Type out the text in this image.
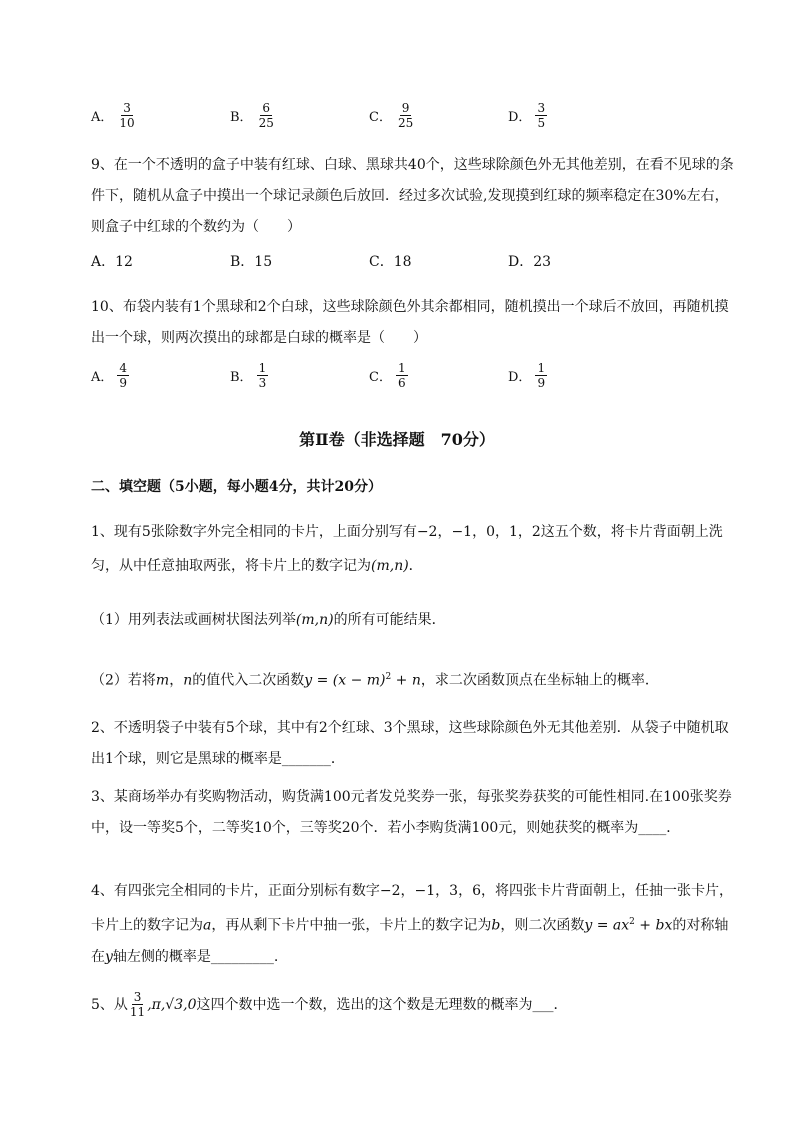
A． $\frac{3}{10}$	B． $\frac{6}{25}$	C． $\frac{9}{25}$	D． $\frac{3}{5}$
9、在一个不透明的盒子中装有红球、白球、黑球共40个，这些球除颜色外无其他差别，在看不见球的条件下，随机从盒子中摸出一个球记录颜色后放回．经过多次试验,发现摸到红球的频率稳定在30%左右，则盒子中红球的个数约为（　　）
A．12	B．15	C．18	D．23
10、布袋内装有1个黑球和2个白球，这些球除颜色外其余都相同，随机摸出一个球后不放回，再随机摸出一个球，则两次摸出的球都是白球的概率是（　　）
A． $\frac{4}{9}$	B． $\frac{1}{3}$	C． $\frac{1}{6}$	D． $\frac{1}{9}$
第Ⅱ卷（非选择题　70分）
二、填空题（5小题，每小题4分，共计20分）
1、现有5张除数字外完全相同的卡片，上面分别写有−2，−1，0，1，2这五个数，将卡片背面朝上洗匀，从中任意抽取两张，将卡片上的数字记为(m,n)．
（1）用列表法或画树状图法列举(m,n)的所有可能结果．
（2）若将m，n的值代入二次函数$y = (x - m)^2 + n$，求二次函数顶点在坐标轴上的概率．
2、不透明袋子中装有5个球，其中有2个红球、3个黑球，这些球除颜色外无其他差别．从袋子中随机取出1个球，则它是黑球的概率是_______．
3、某商场举办有奖购物活动，购货满100元者发兑奖券一张，每张奖券获奖的可能性相同.在100张奖券中，设一等奖5个，二等奖10个，三等奖20个．若小李购货满100元，则她获奖的概率为____．
4、有四张完全相同的卡片，正面分别标有数字−2，−1，3，6，将四张卡片背面朝上，任抽一张卡片，卡片上的数字记为a，再从剩下卡片中抽一张，卡片上的数字记为b，则二次函数$y = ax^2$ + bx的对称轴在y轴左侧的概率是_________.
5、从 $\frac{3}{11} ,\pi,√3,0$ 这四个数中选一个数，选出的这个数是无理数的概率为___．
